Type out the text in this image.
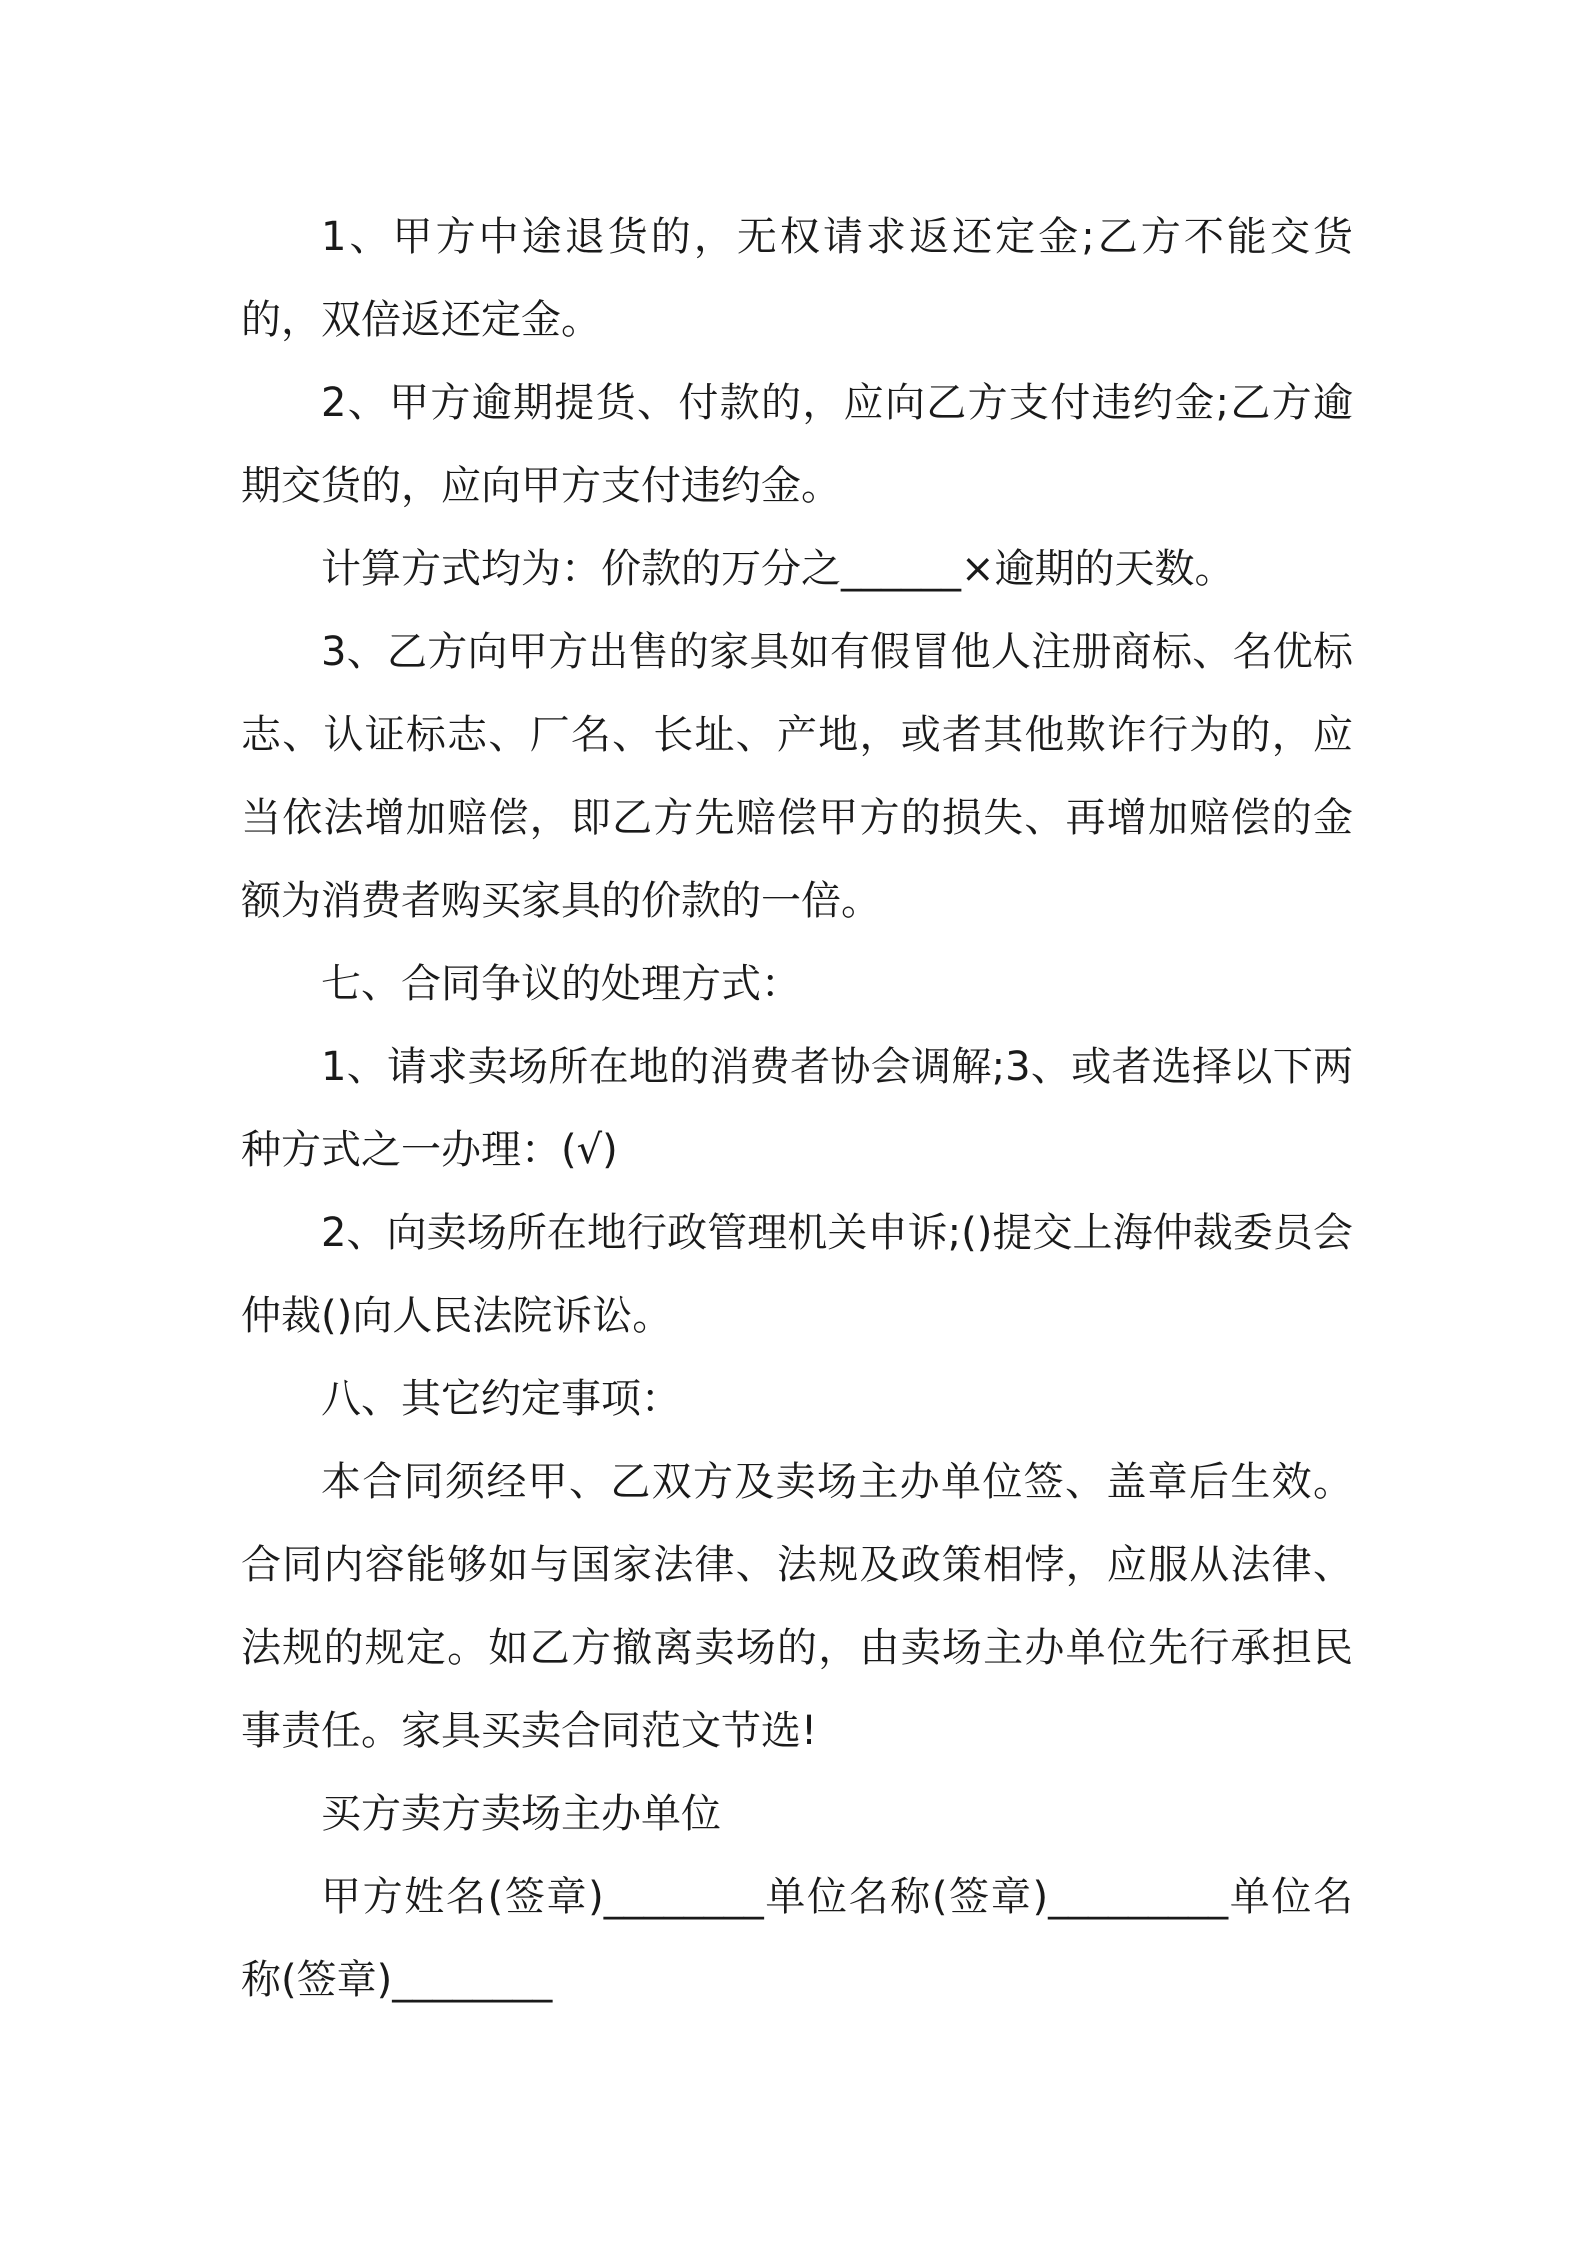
1、甲方中途退货的，无权请求返还定金;乙方不能交货的，双倍返还定金。

2、甲方逾期提货、付款的，应向乙方支付违约金;乙方逾期交货的，应向甲方支付违约金。

计算方式均为：价款的万分之______×逾期的天数。

3、乙方向甲方出售的家具如有假冒他人注册商标、名优标志、认证标志、厂名、长址、产地，或者其他欺诈行为的，应当依法增加赔偿，即乙方先赔偿甲方的损失、再增加赔偿的金额为消费者购买家具的价款的一倍。

七、合同争议的处理方式：

1、请求卖场所在地的消费者协会调解;3、或者选择以下两种方式之一办理：(√)

2、向卖场所在地行政管理机关申诉;()提交上海仲裁委员会仲裁()向人民法院诉讼。

八、其它约定事项：

本合同须经甲、乙双方及卖场主办单位签、盖章后生效。合同内容能够如与国家法律、法规及政策相悖，应服从法律、法规的规定。如乙方撤离卖场的，由卖场主办单位先行承担民事责任。家具买卖合同范文节选!

买方卖方卖场主办单位

甲方姓名(签章)________单位名称(签章)_________单位名称(签章)________
